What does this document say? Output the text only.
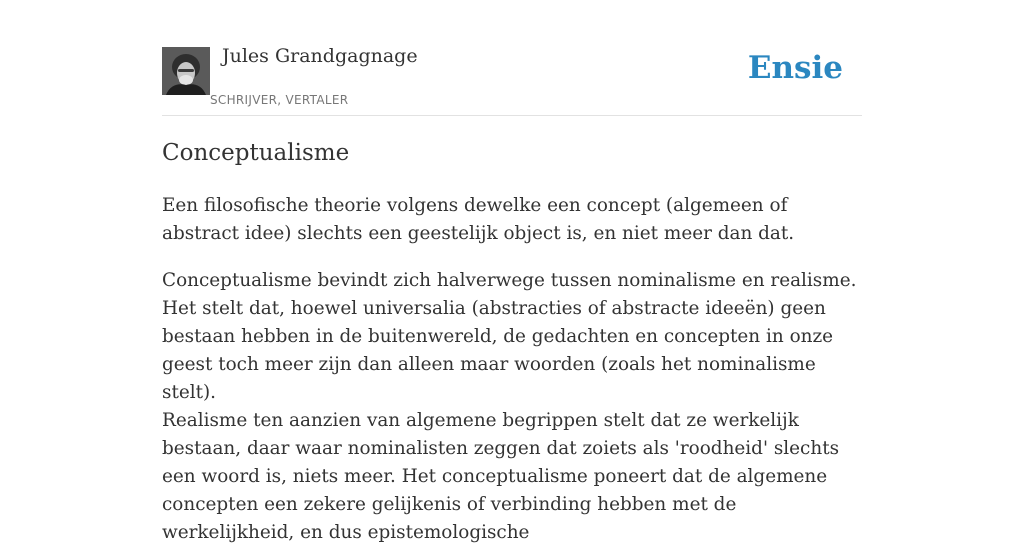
Jules Grandgagnage
SCHRIJVER, VERTALER
Ensie
Conceptualisme

Een filosofische theorie volgens dewelke een concept (algemeen of abstract idee) slechts een geestelijk object is, en niet meer dan dat.

Conceptualisme bevindt zich halverwege tussen nominalisme en realisme. Het stelt dat, hoewel universalia (abstracties of abstracte ideeën) geen bestaan hebben in de buitenwereld, de gedachten en concepten in onze geest toch meer zijn dan alleen maar woorden (zoals het nominalisme stelt).

Realisme ten aanzien van algemene begrippen stelt dat ze werkelijk bestaan, daar waar nominalisten zeggen dat zoiets als 'roodheid' slechts een woord is, niets meer. Het conceptualisme poneert dat de algemene concepten een zekere gelijkenis of verbinding hebben met de werkelijkheid, en dus epistemologische
